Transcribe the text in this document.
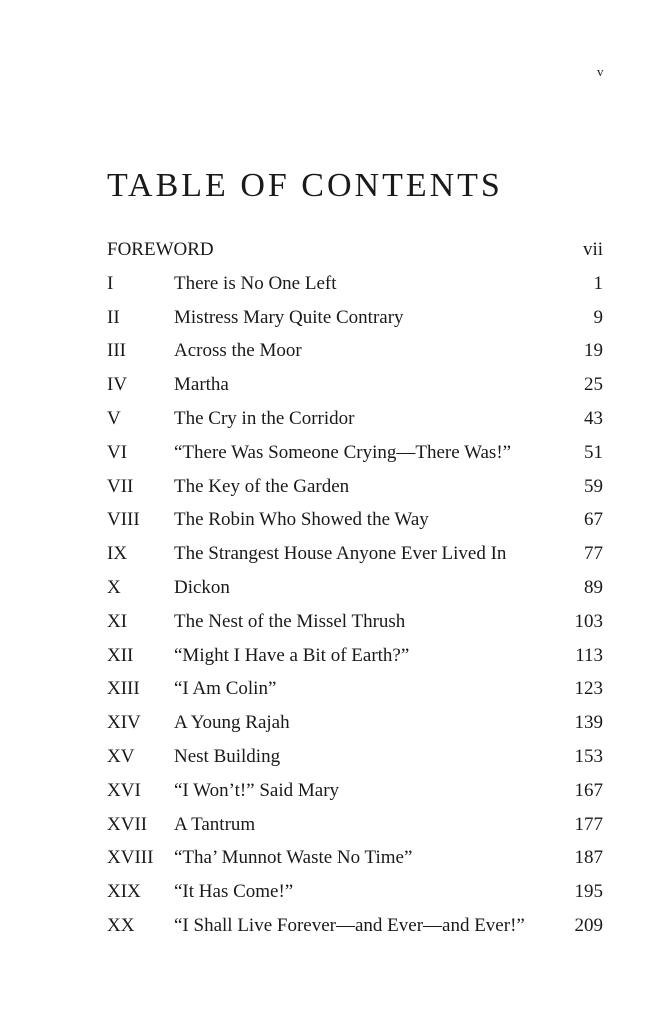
v
TABLE OF CONTENTS
FOREWORD	vii
I	There is No One Left	1
II	Mistress Mary Quite Contrary	9
III	Across the Moor	19
IV Martha	25
V	The Cry in the Corridor	43
VI “There Was Someone Crying—There Was!”	51
VII The Key of the Garden	59
VIII The Robin Who Showed the Way	67
IX The Strangest House Anyone Ever Lived In	77
X	Dickon	89
XI The Nest of the Missel Thrush	103
XII “Might I Have a Bit of Earth?”	113
XIII “I Am Colin”	123
XIV A Young Rajah	139
XV Nest Building	153
XVI “I Won’t!” Said Mary	167
XVII A Tantrum	177
XVIII “Tha’ Munnot Waste No Time”	187
XIX “It Has Come!”	195
XX “I Shall Live Forever—and Ever—and Ever!”	209
